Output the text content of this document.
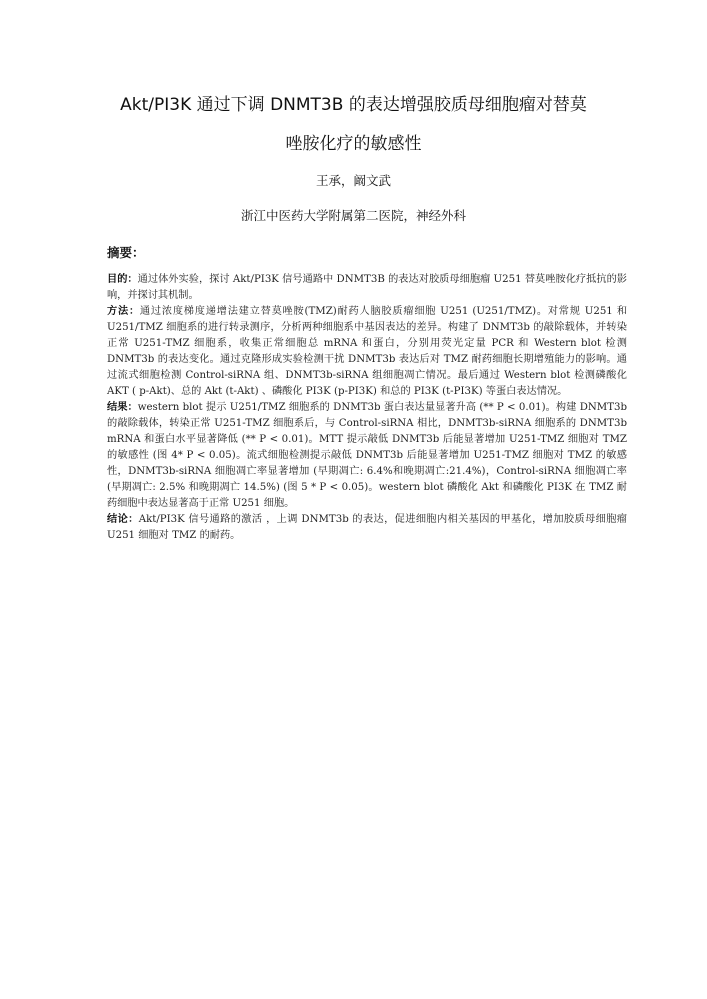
Akt/PI3K 通过下调 DNMT3B 的表达增强胶质母细胞瘤对替莫
唑胺化疗的敏感性
王承，阚文武
浙江中医药大学附属第二医院，神经外科
摘要：

目的：通过体外实验，探讨 Akt/PI3K 信号通路中 DNMT3B 的表达对胶质母细胞瘤 U251 替莫唑胺化疗抵抗的影响，并探讨其机制。

方法：通过浓度梯度递增法建立替莫唑胺(TMZ)耐药人脑胶质瘤细胞 U251 (U251/TMZ)。对常规 U251 和 U251/TMZ 细胞系的进行转录测序，分析两种细胞系中基因表达的差异。构建了 DNMT3b 的敲除载体，并转染正常 U251-TMZ 细胞系，收集正常细胞总 mRNA 和蛋白，分别用荧光定量 PCR 和 Western blot 检测 DNMT3b 的表达变化。通过克隆形成实验检测干扰 DNMT3b 表达后对 TMZ 耐药细胞长期增殖能力的影响。通过流式细胞检测 Control-siRNA 组、DNMT3b-siRNA 组细胞凋亡情况。最后通过 Western blot 检测磷酸化 AKT ( p-Akt)、总的 Akt (t-Akt) 、磷酸化 PI3K (p-PI3K) 和总的 PI3K (t-PI3K) 等蛋白表达情况。

结果：western blot 提示 U251/TMZ 细胞系的 DNMT3b 蛋白表达量显著升高 (** P < 0.01)。构建 DNMT3b 的敲除载体，转染正常 U251-TMZ 细胞系后，与 Control-siRNA 相比，DNMT3b-siRNA 细胞系的 DNMT3b mRNA 和蛋白水平显著降低 (** P < 0.01)。MTT 提示敲低 DNMT3b 后能显著增加 U251-TMZ 细胞对 TMZ 的敏感性 (图 4* P < 0.05)。流式细胞检测提示敲低 DNMT3b 后能显著增加 U251-TMZ 细胞对 TMZ 的敏感性，DNMT3b-siRNA 细胞凋亡率显著增加 (早期凋亡: 6.4%和晚期凋亡:21.4%)，Control-siRNA 细胞凋亡率 (早期凋亡: 2.5% 和晚期凋亡 14.5%) (图 5 * P < 0.05)。western blot 磷酸化 Akt 和磷酸化 PI3K 在 TMZ 耐药细胞中表达显著高于正常 U251 细胞。

结论：Akt/PI3K 信号通路的激活 ，上调 DNMT3b 的表达，促进细胞内相关基因的甲基化，增加胶质母细胞瘤 U251 细胞对 TMZ 的耐药。
